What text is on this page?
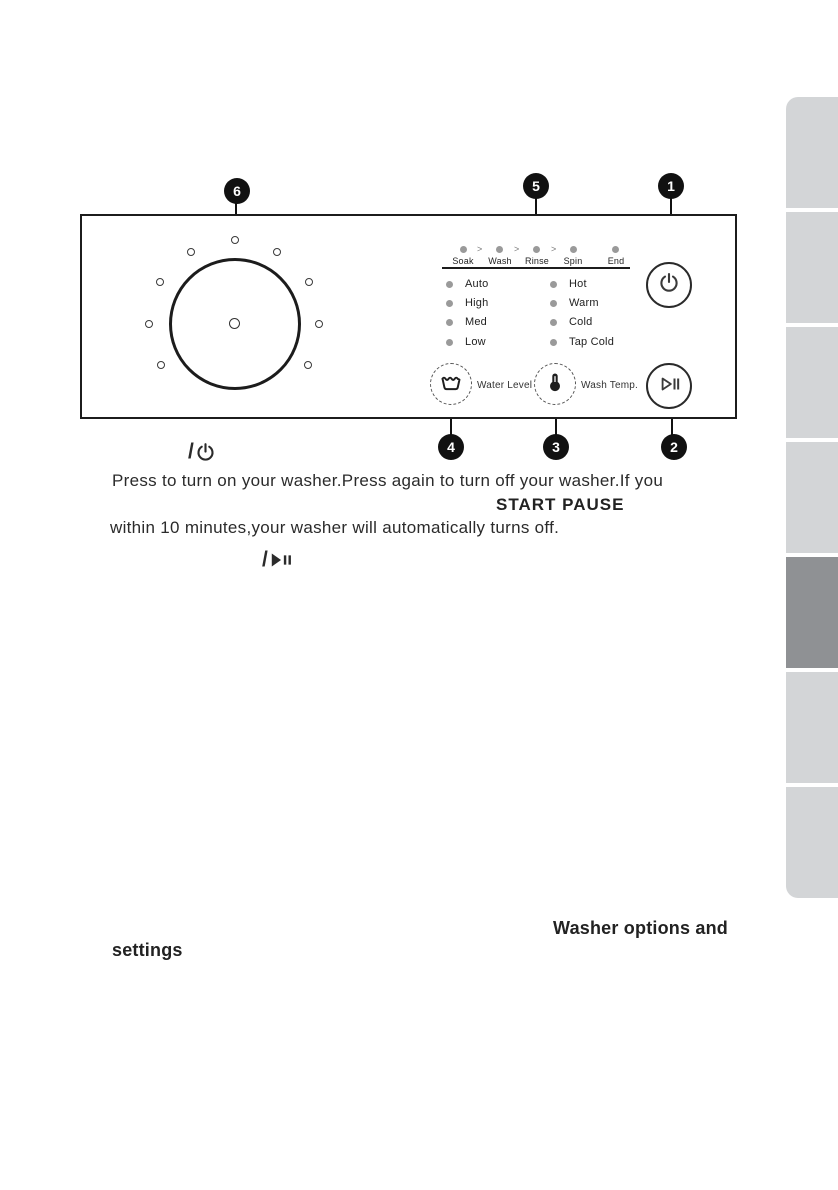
>	>	>
Soak Wash Rinse Spin	End
Auto
High
Med
Low
Hot
Warm
Cold
Tap Cold
Water Level	Wash Temp.
1
2
3
4
5
6
/
Press to turn on your washer.Press again to turn off your washer.If you
START PAUSE
within 10 minutes,your washer will automatically turns off.
/
Washer options and
settings
